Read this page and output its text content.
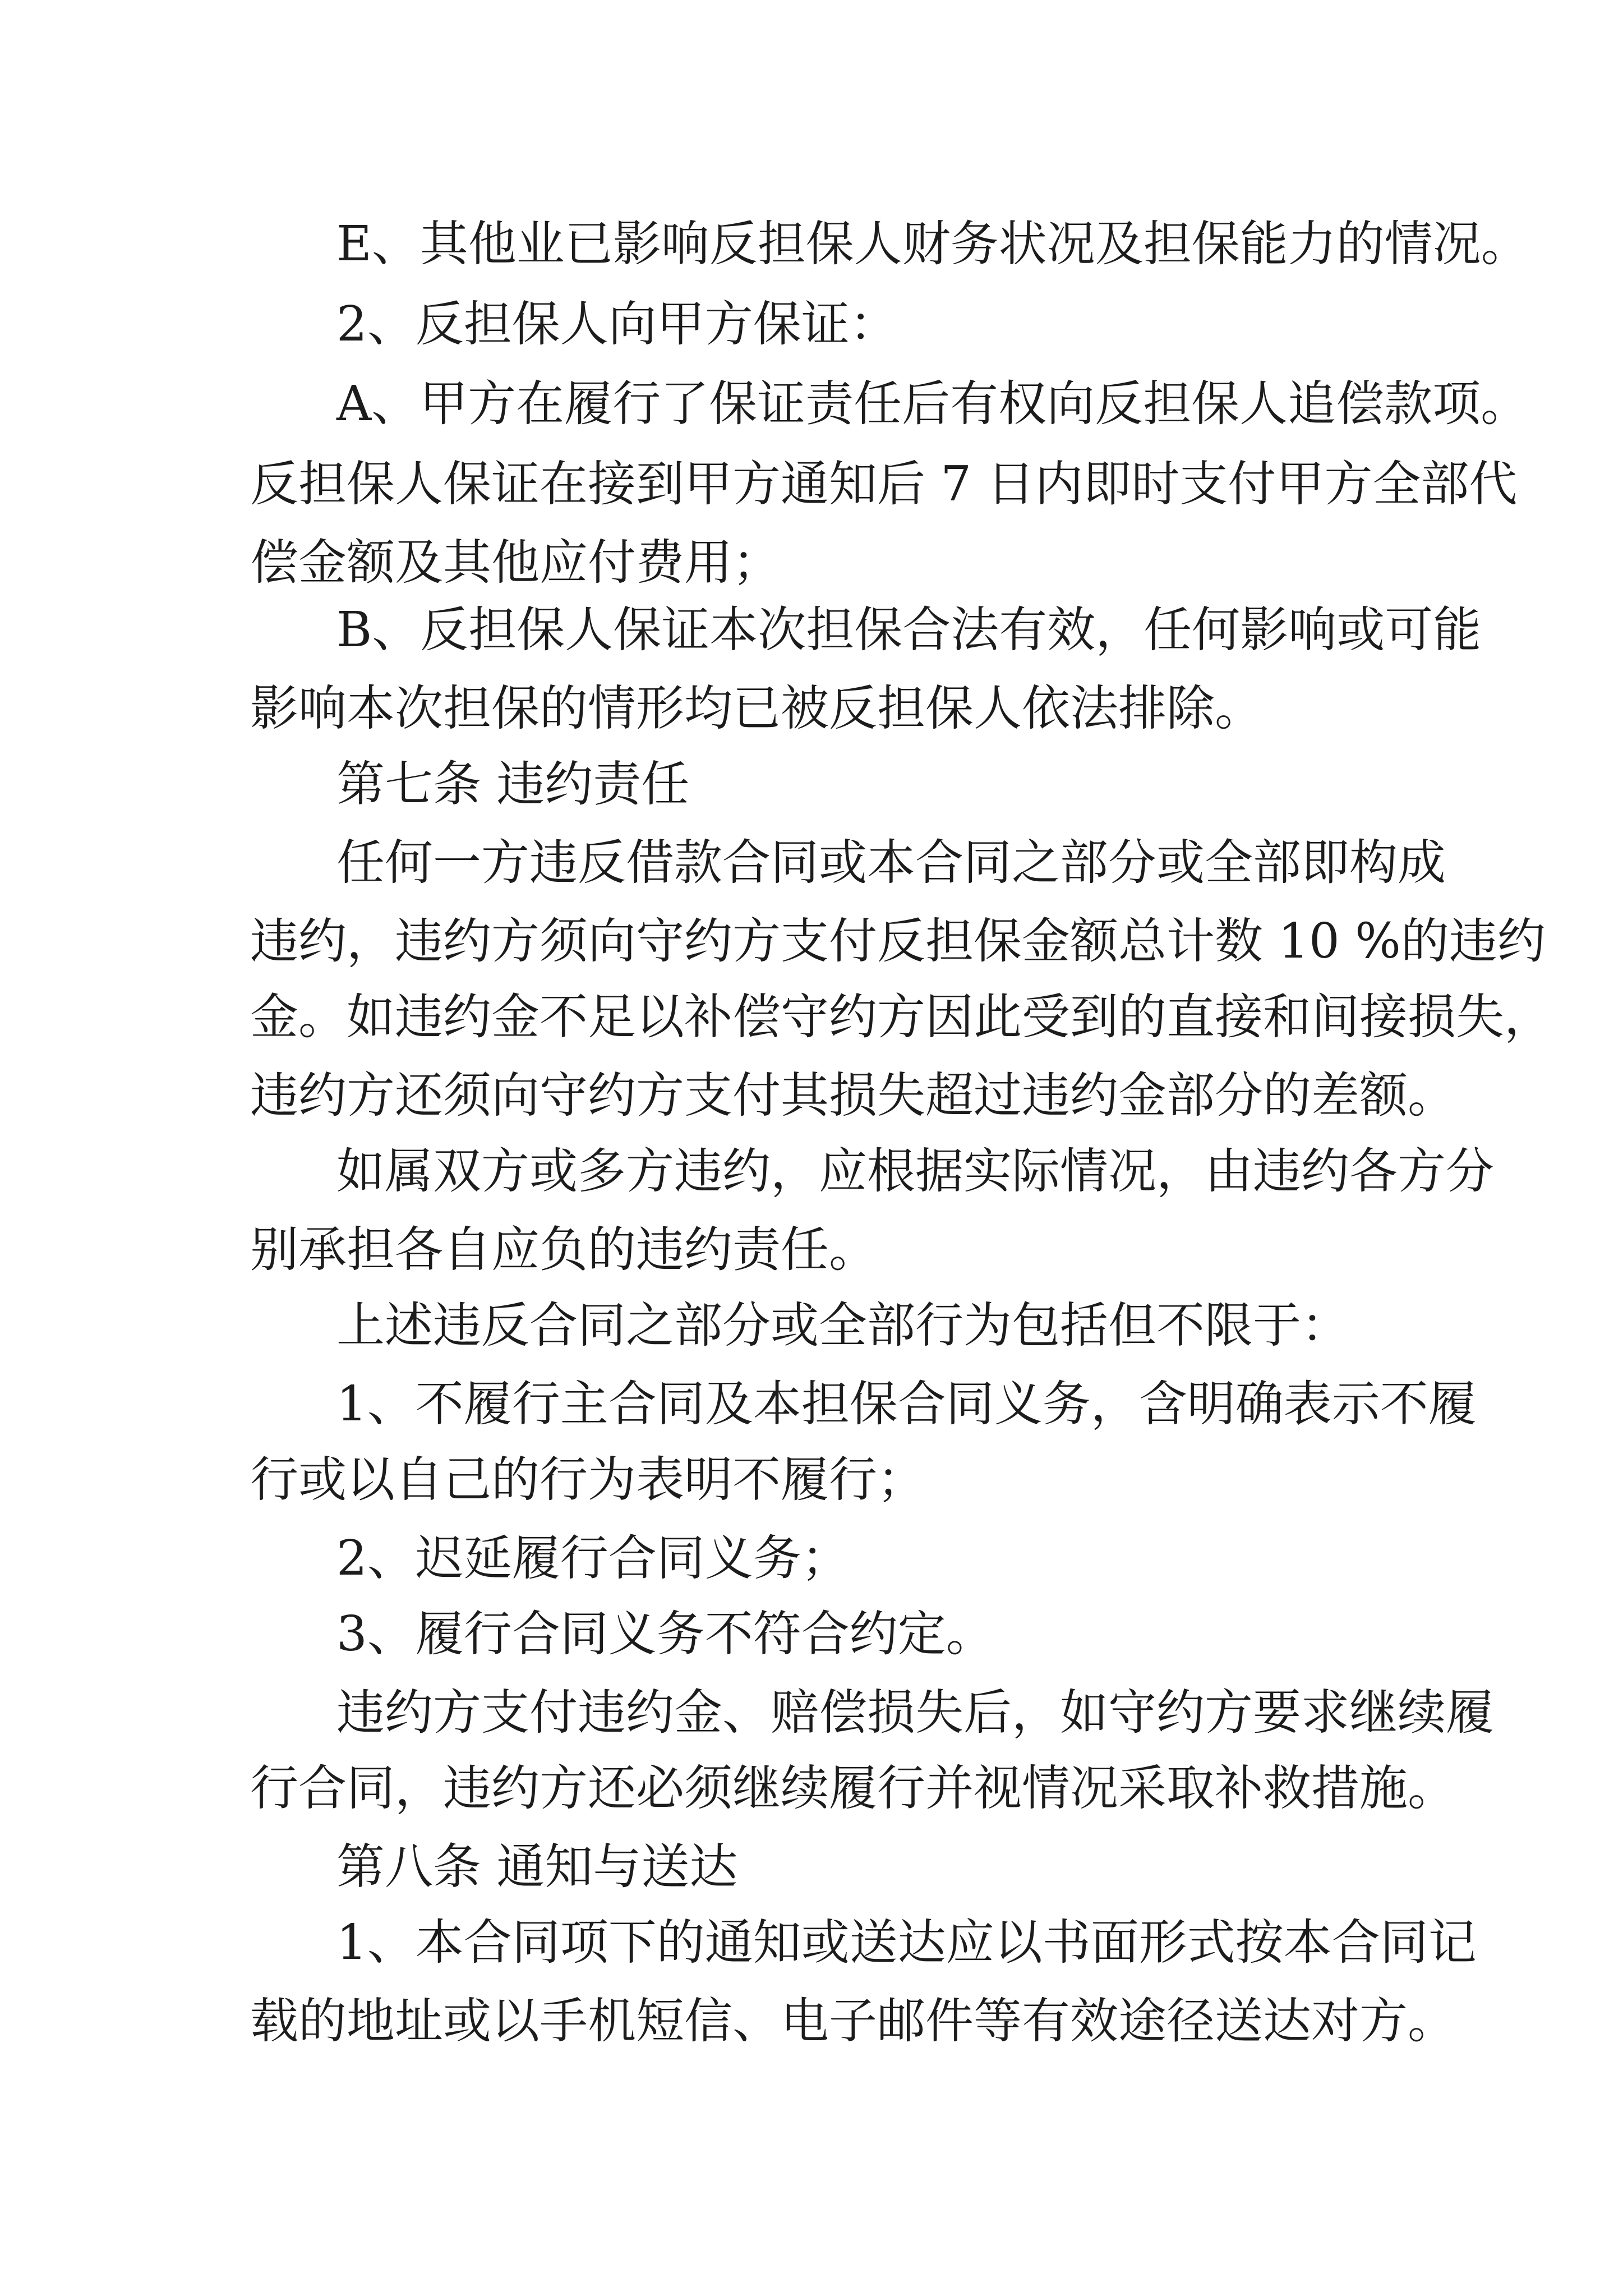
E、其他业已影响反担保人财务状况及担保能力的情况。

2、反担保人向甲方保证：

A、甲方在履行了保证责任后有权向反担保人追偿款项。

反担保人保证在接到甲方通知后 7 日内即时支付甲方全部代

偿金额及其他应付费用；

B、反担保人保证本次担保合法有效，任何影响或可能

影响本次担保的情形均已被反担保人依法排除。

第七条 违约责任

任何一方违反借款合同或本合同之部分或全部即构成

违约，违约方须向守约方支付反担保金额总计数 10 %的违约

金。如违约金不足以补偿守约方因此受到的直接和间接损失，

违约方还须向守约方支付其损失超过违约金部分的差额。

如属双方或多方违约，应根据实际情况，由违约各方分

别承担各自应负的违约责任。

上述违反合同之部分或全部行为包括但不限于：

1、不履行主合同及本担保合同义务，含明确表示不履

行或以自己的行为表明不履行；

2、迟延履行合同义务；

3、履行合同义务不符合约定。

违约方支付违约金、赔偿损失后，如守约方要求继续履

行合同，违约方还必须继续履行并视情况采取补救措施。

第八条 通知与送达

1、本合同项下的通知或送达应以书面形式按本合同记

载的地址或以手机短信、电子邮件等有效途径送达对方。
